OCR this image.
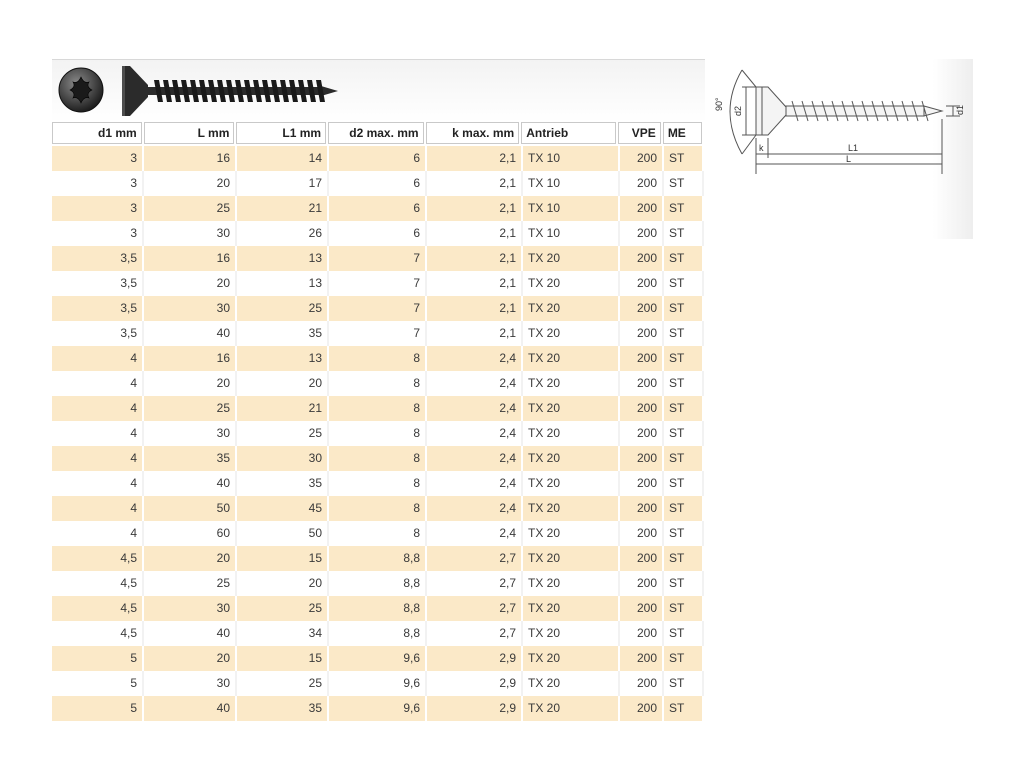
90° d2	d1
k	L1
L
d1 mm	L mm	L1 mm	d2 max. mm	k max. mm	Antrieb	VPE	ME
3	16	14	6	2,1	TX 10	200	ST
3	20	17	6	2,1	TX 10	200	ST
3	25	21	6	2,1	TX 10	200	ST
3	30	26	6	2,1	TX 10	200	ST
3,5	16	13	7	2,1	TX 20	200	ST
3,5	20	13	7	2,1	TX 20	200	ST
3,5	30	25	7	2,1	TX 20	200	ST
3,5	40	35	7	2,1	TX 20	200	ST
4	16	13	8	2,4	TX 20	200	ST
4	20	20	8	2,4	TX 20	200	ST
4	25	21	8	2,4	TX 20	200	ST
4	30	25	8	2,4	TX 20	200	ST
4	35	30	8	2,4	TX 20	200	ST
4	40	35	8	2,4	TX 20	200	ST
4	50	45	8	2,4	TX 20	200	ST
4	60	50	8	2,4	TX 20	200	ST
4,5	20	15	8,8	2,7	TX 20	200	ST
4,5	25	20	8,8	2,7	TX 20	200	ST
4,5	30	25	8,8	2,7	TX 20	200	ST
4,5	40	34	8,8	2,7	TX 20	200	ST
5	20	15	9,6	2,9	TX 20	200	ST
5	30	25	9,6	2,9	TX 20	200	ST
5	40	35	9,6	2,9	TX 20	200	ST
